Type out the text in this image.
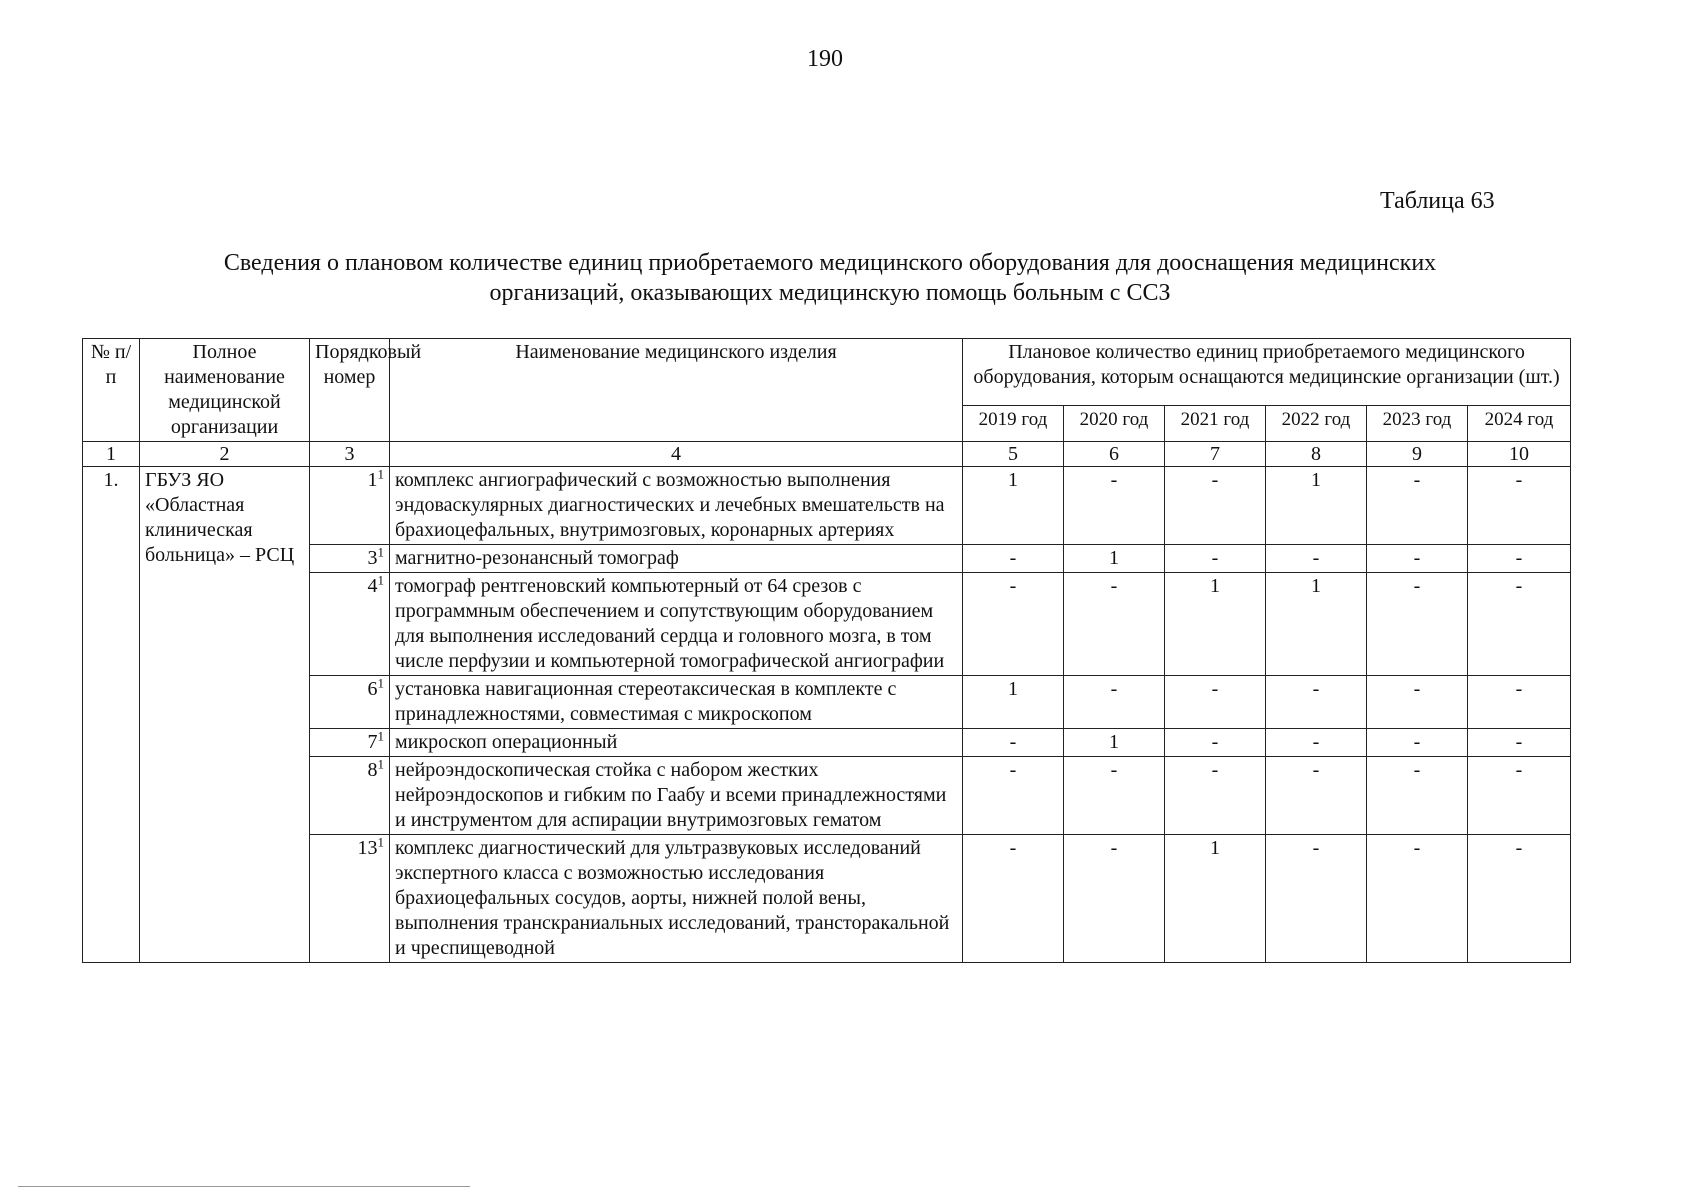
190
Таблица 63
Сведения о плановом количестве единиц приобретаемого медицинского оборудования для дооснащения медицинских
организаций, оказывающих медицинскую помощь больным с ССЗ
№ п/п	Полное наименование медицинской организации	Порядковый номер	Наименование медицинского изделия	Плановое количество единиц приобретаемого медицинского оборудования, которым оснащаются медицинские организации (шт.)					
				2019 год	2020 год	2021 год	2022 год	2023 год	2024 год
1	2	3	4	5	6	7	8	9	10
1.	ГБУЗ ЯО «Областная клиническая больница» – РСЦ	$1^1$	комплекс ангиографический с возможностью выполнения эндоваскулярных диагностических и лечебных вмешательств на брахиоцефальных, внутримозговых, коронарных артериях	1	-	-	1	-	-
		$3^1$	магнитно-резонансный томограф	-	1	-	-	-	-
		$4^1$	томограф рентгеновский компьютерный от 64 срезов с программным обеспечением и сопутствующим оборудованием для выполнения исследований сердца и головного мозга, в том числе перфузии и компьютерной томографической ангиографии	-	-	1	1	-	-
		$6^1$	установка навигационная стереотаксическая в комплекте с принадлежностями, совместимая с микроскопом	1	-	-	-	-	-
		$7^1$	микроскоп операционный	-	1	-	-	-	-
		$8^1$	нейроэндоскопическая стойка с набором жестких нейроэндоскопов и гибким по Гаабу и всеми принадлежностями и инструментом для аспирации внутримозговых гематом	-	-	-	-	-	-
		$13^1$	комплекс диагностический для ультразвуковых исследований экспертного класса с возможностью исследования брахиоцефальных сосудов, аорты, нижней полой вены, выполнения транскраниальных исследований, трансторакальной и чреспищеводной	-	-	1	-	-	-
